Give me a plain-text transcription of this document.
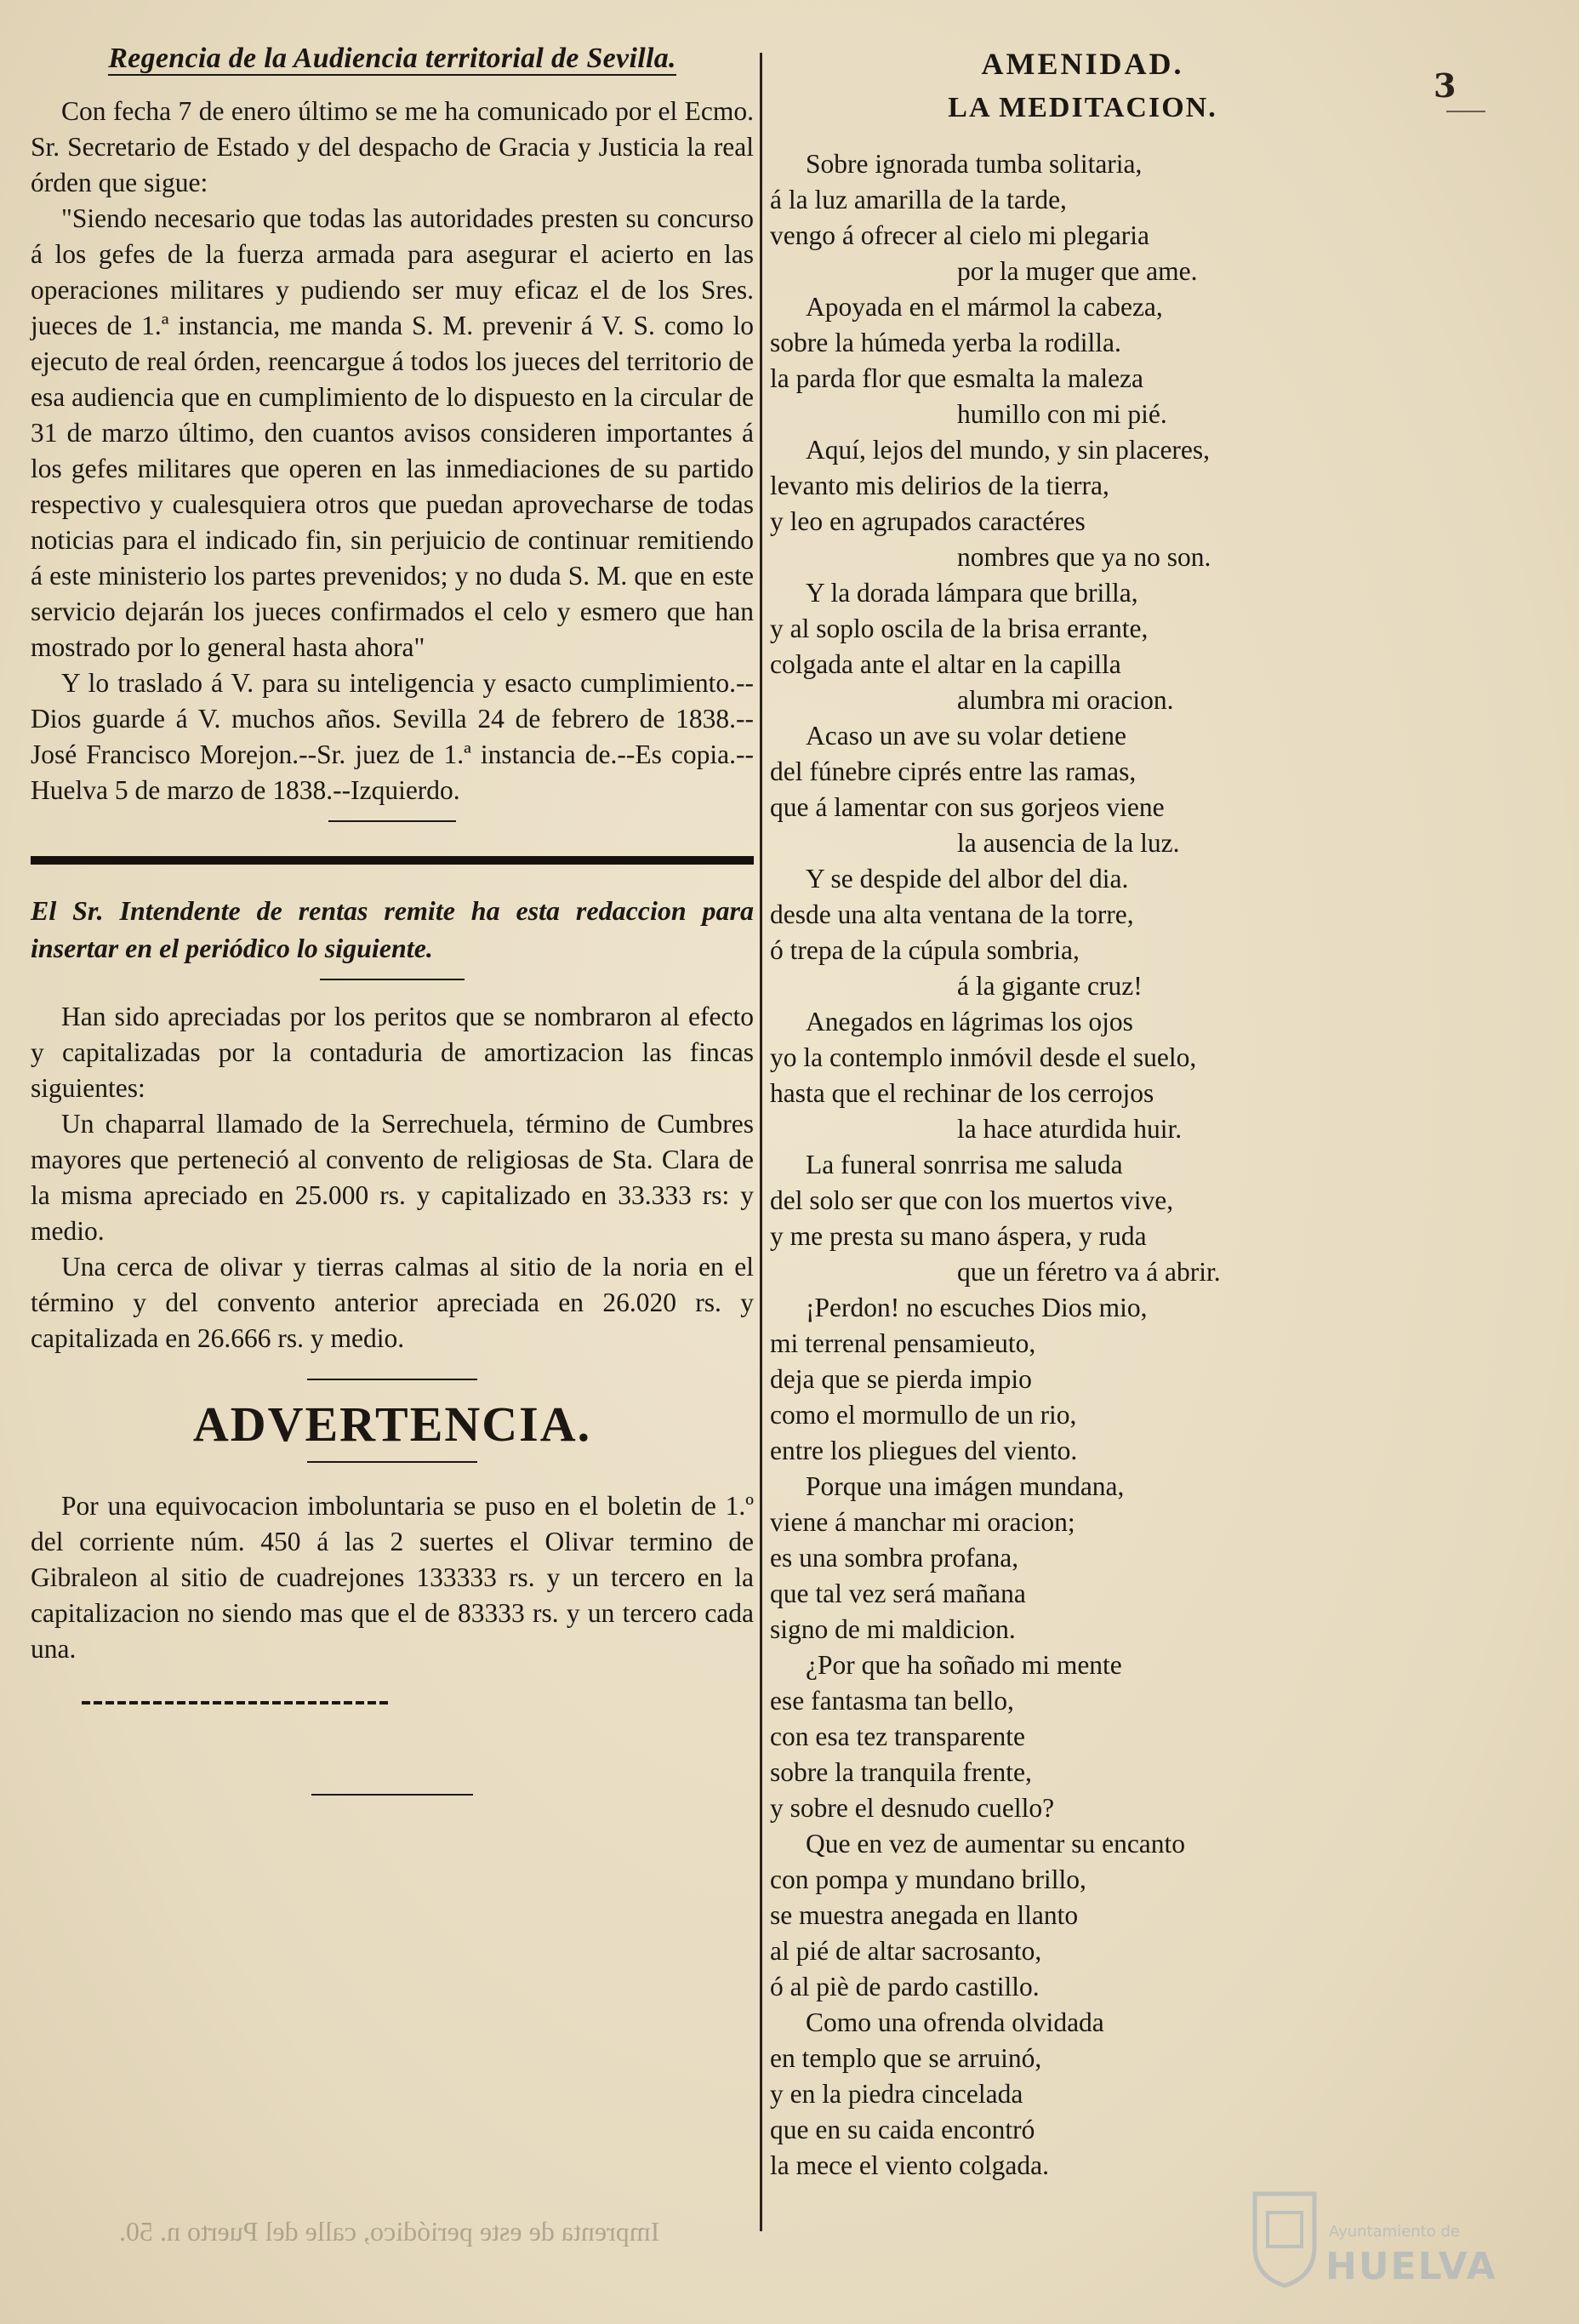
3
Regencia de la Audiencia territorial de Sevilla.

Con fecha 7 de enero último se me ha comunicado por el Ecmo. Sr. Secretario de Estado y del despacho de Gracia y Justicia la real órden que sigue:

"Siendo necesario que todas las autoridades presten su concurso á los gefes de la fuerza armada para asegurar el acierto en las operaciones militares y pudiendo ser muy eficaz el de los Sres. jueces de 1.ª instancia, me manda S. M. prevenir á V. S. como lo ejecuto de real órden, reencargue á todos los jueces del territorio de esa audiencia que en cumplimiento de lo dispuesto en la circular de 31 de marzo último, den cuantos avisos consideren importantes á los gefes militares que operen en las inmediaciones de su partido respectivo y cualesquiera otros que puedan aprovecharse de todas noticias para el indicado fin, sin perjuicio de continuar remitiendo á este ministerio los partes prevenidos; y no duda S. M. que en este servicio dejarán los jueces confirmados el celo y esmero que han mostrado por lo general hasta ahora"

Y lo traslado á V. para su inteligencia y esacto cumplimiento.--Dios guarde á V. muchos años. Sevilla 24 de febrero de 1838.--José Francisco Morejon.--Sr. juez de 1.ª instancia de.--Es copia.--Huelva 5 de marzo de 1838.--Izquierdo.

El Sr. Intendente de rentas remite ha esta redaccion para insertar en el periódico lo siguiente.

Han sido apreciadas por los peritos que se nombraron al efecto y capitalizadas por la contaduria de amortizacion las fincas siguientes:

Un chaparral llamado de la Serrechuela, término de Cumbres mayores que perteneció al convento de religiosas de Sta. Clara de la misma apreciado en 25.000 rs. y capitalizado en 33.333 rs: y medio.

Una cerca de olivar y tierras calmas al sitio de la noria en el término y del convento anterior apreciada en 26.020 rs. y capitalizada en 26.666 rs. y medio.

ADVERTENCIA.

Por una equivocacion imboluntaria se puso en el boletin de 1.º del corriente núm. 450 á las 2 suertes el Olivar termino de Gibraleon al sitio de cuadrejones 133333 rs. y un tercero en la capitalizacion no siendo mas que el de 83333 rs. y un tercero cada una.

AMENIDAD.
LA MEDITACION.
Sobre ignorada tumba solitaria,
á la luz amarilla de la tarde,
vengo á ofrecer al cielo mi plegaria
por la muger que ame.
Apoyada en el mármol la cabeza,
sobre la húmeda yerba la rodilla.
la parda flor que esmalta la maleza
humillo con mi pié.
Aquí, lejos del mundo, y sin placeres,
levanto mis delirios de la tierra,
y leo en agrupados caractéres
nombres que ya no son.
Y la dorada lámpara que brilla,
y al soplo oscila de la brisa errante,
colgada ante el altar en la capilla
alumbra mi oracion.
Acaso un ave su volar detiene
del fúnebre ciprés entre las ramas,
que á lamentar con sus gorjeos viene
la ausencia de la luz.
Y se despide del albor del dia.
desde una alta ventana de la torre,
ó trepa de la cúpula sombria,
á la gigante cruz!
Anegados en lágrimas los ojos
yo la contemplo inmóvil desde el suelo,
hasta que el rechinar de los cerrojos
la hace aturdida huir.
La funeral sonrrisa me saluda
del solo ser que con los muertos vive,
y me presta su mano áspera, y ruda
que un féretro va á abrir.
¡Perdon! no escuches Dios mio,
mi terrenal pensamieuto,
deja que se pierda impio
como el mormullo de un rio,
entre los pliegues del viento.
Porque una imágen mundana,
viene á manchar mi oracion;
es una sombra profana,
que tal vez será mañana
signo de mi maldicion.
¿Por que ha soñado mi mente
ese fantasma tan bello,
con esa tez transparente
sobre la tranquila frente,
y sobre el desnudo cuello?
Que en vez de aumentar su encanto
con pompa y mundano brillo,
se muestra anegada en llanto
al pié de altar sacrosanto,
ó al piè de pardo castillo.
Como una ofrenda olvidada
en templo que se arruinó,
y en la piedra cincelada
que en su caida encontró
la mece el viento colgada.
Imprenta de este periódico, calle del Puerto n. 50.	Ayuntamiento de
HUELVA
